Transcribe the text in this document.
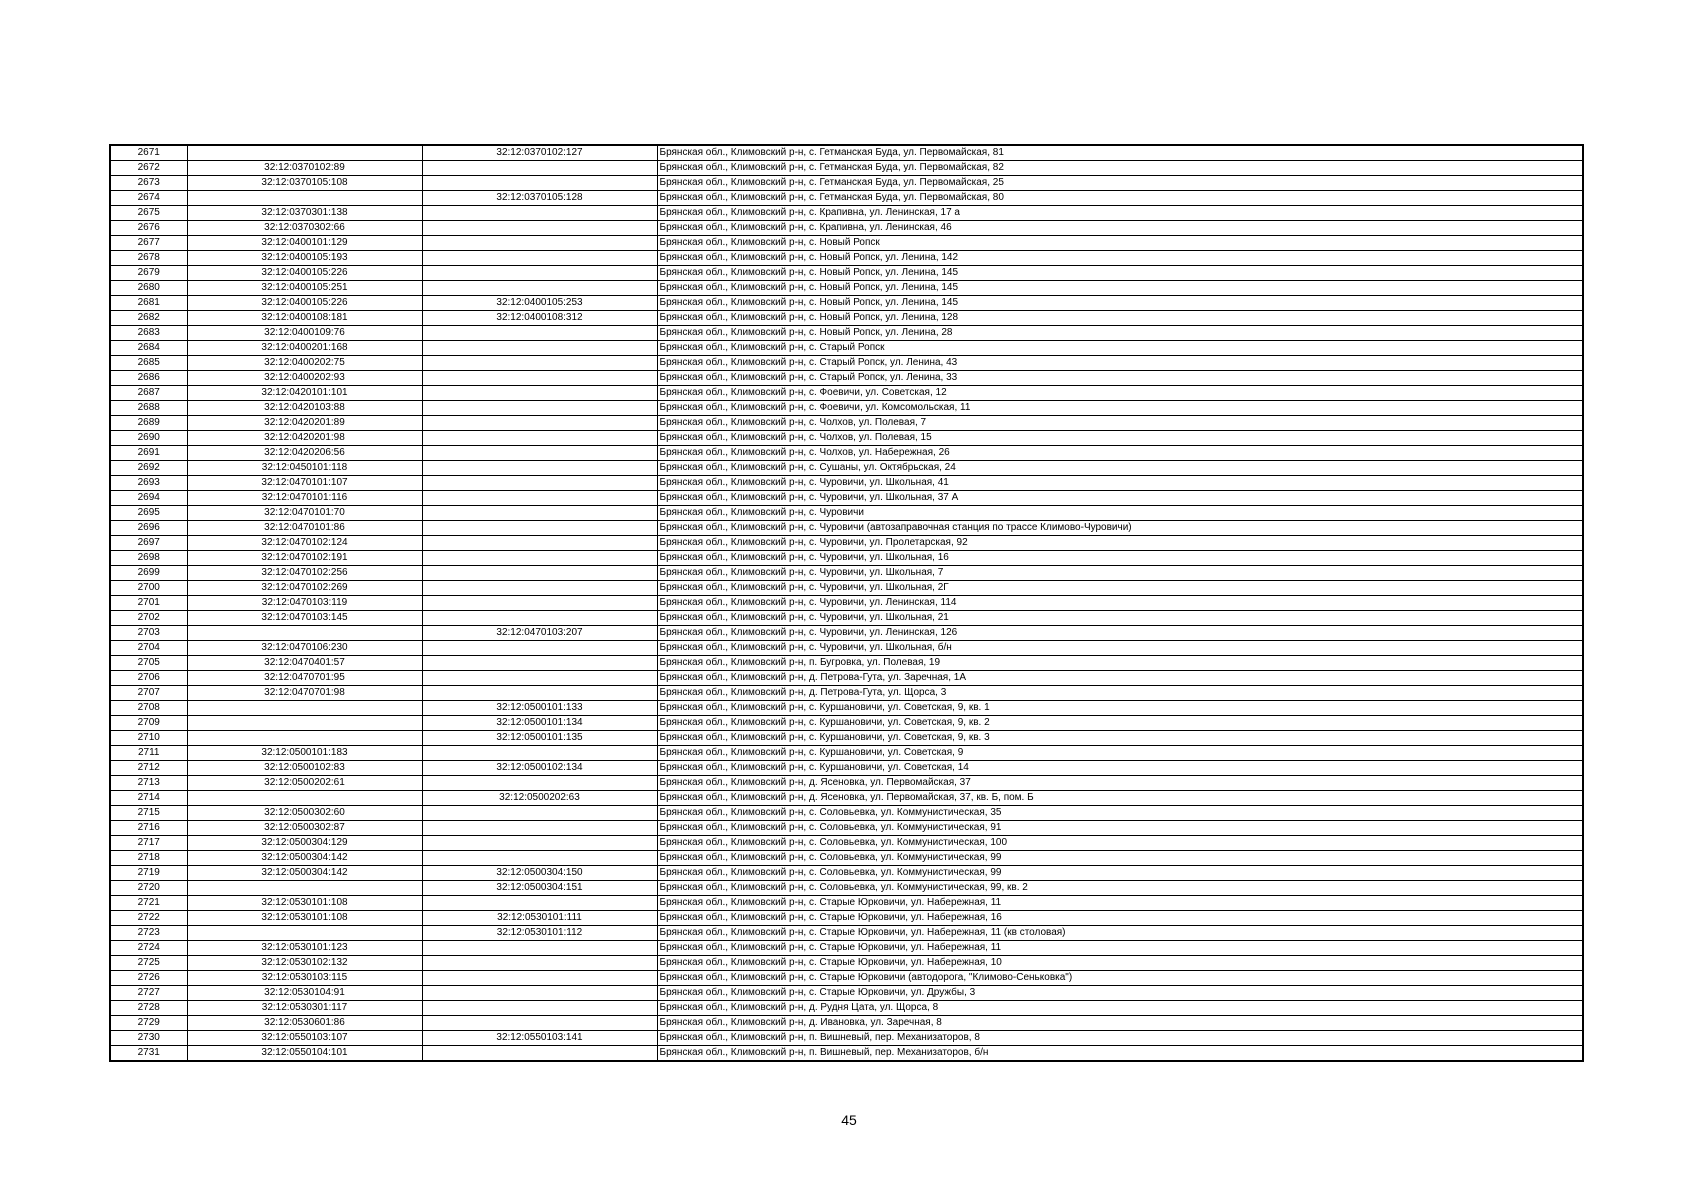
2671		32:12:0370102:127	Брянская обл., Климовский р-н, с. Гетманская Буда, ул. Первомайская, 81
2672	32:12:0370102:89		Брянская обл., Климовский р-н, с. Гетманская Буда, ул. Первомайская, 82
2673	32:12:0370105:108		Брянская обл., Климовский р-н, с. Гетманская Буда, ул. Первомайская, 25
2674		32:12:0370105:128	Брянская обл., Климовский р-н, с. Гетманская Буда, ул. Первомайская, 80
2675	32:12:0370301:138		Брянская обл., Климовский р-н, с. Крапивна, ул. Ленинская, 17 а
2676	32:12:0370302:66		Брянская обл., Климовский р-н, с. Крапивна, ул. Ленинская, 46
2677	32:12:0400101:129		Брянская обл., Климовский р-н, с. Новый Ропск
2678	32:12:0400105:193		Брянская обл., Климовский р-н, с. Новый Ропск, ул. Ленина, 142
2679	32:12:0400105:226		Брянская обл., Климовский р-н, с. Новый Ропск, ул. Ленина, 145
2680	32:12:0400105:251		Брянская обл., Климовский р-н, с. Новый Ропск, ул. Ленина, 145
2681	32:12:0400105:226	32:12:0400105:253	Брянская обл., Климовский р-н, с. Новый Ропск, ул. Ленина, 145
2682	32:12:0400108:181	32:12:0400108:312	Брянская обл., Климовский р-н, с. Новый Ропск, ул. Ленина, 128
2683	32:12:0400109:76		Брянская обл., Климовский р-н, с. Новый Ропск, ул. Ленина, 28
2684	32:12:0400201:168		Брянская обл., Климовский р-н, с. Старый Ропск
2685	32:12:0400202:75		Брянская обл., Климовский р-н, с. Старый Ропск, ул. Ленина, 43
2686	32:12:0400202:93		Брянская обл., Климовский р-н, с. Старый Ропск, ул. Ленина, 33
2687	32:12:0420101:101		Брянская обл., Климовский р-н, с. Фоевичи, ул. Советская, 12
2688	32:12:0420103:88		Брянская обл., Климовский р-н, с. Фоевичи, ул. Комсомольская, 11
2689	32:12:0420201:89		Брянская обл., Климовский р-н, с. Чолхов, ул. Полевая, 7
2690	32:12:0420201:98		Брянская обл., Климовский р-н, с. Чолхов, ул. Полевая, 15
2691	32:12:0420206:56		Брянская обл., Климовский р-н, с. Чолхов, ул. Набережная, 26
2692	32:12:0450101:118		Брянская обл., Климовский р-н, с. Сушаны, ул. Октябрьская, 24
2693	32:12:0470101:107		Брянская обл., Климовский р-н, с. Чуровичи, ул. Школьная, 41
2694	32:12:0470101:116		Брянская обл., Климовский р-н, с. Чуровичи, ул. Школьная, 37 А
2695	32:12:0470101:70		Брянская обл., Климовский р-н, с. Чуровичи
2696	32:12:0470101:86		Брянская обл., Климовский р-н, с. Чуровичи (автозаправочная станция по трассе Климово-Чуровичи)
2697	32:12:0470102:124		Брянская обл., Климовский р-н, с. Чуровичи, ул. Пролетарская, 92
2698	32:12:0470102:191		Брянская обл., Климовский р-н, с. Чуровичи, ул. Школьная, 16
2699	32:12:0470102:256		Брянская обл., Климовский р-н, с. Чуровичи, ул. Школьная, 7
2700	32:12:0470102:269		Брянская обл., Климовский р-н, с. Чуровичи, ул. Школьная, 2Г
2701	32:12:0470103:119		Брянская обл., Климовский р-н, с. Чуровичи, ул. Ленинская, 114
2702	32:12:0470103:145		Брянская обл., Климовский р-н, с. Чуровичи, ул. Школьная, 21
2703		32:12:0470103:207	Брянская обл., Климовский р-н, с. Чуровичи, ул. Ленинская, 126
2704	32:12:0470106:230		Брянская обл., Климовский р-н, с. Чуровичи, ул. Школьная, б/н
2705	32:12:0470401:57		Брянская обл., Климовский р-н, п. Бугровка, ул. Полевая, 19
2706	32:12:0470701:95		Брянская обл., Климовский р-н, д. Петрова-Гута, ул. Заречная, 1А
2707	32:12:0470701:98		Брянская обл., Климовский р-н, д. Петрова-Гута, ул. Щорса, 3
2708		32:12:0500101:133	Брянская обл., Климовский р-н, с. Куршановичи, ул. Советская, 9, кв. 1
2709		32:12:0500101:134	Брянская обл., Климовский р-н, с. Куршановичи, ул. Советская, 9, кв. 2
2710		32:12:0500101:135	Брянская обл., Климовский р-н, с. Куршановичи, ул. Советская, 9, кв. 3
2711	32:12:0500101:183		Брянская обл., Климовский р-н, с. Куршановичи, ул. Советская, 9
2712	32:12:0500102:83	32:12:0500102:134	Брянская обл., Климовский р-н, с. Куршановичи, ул. Советская, 14
2713	32:12:0500202:61		Брянская обл., Климовский р-н, д. Ясеновка, ул. Первомайская, 37
2714		32:12:0500202:63	Брянская обл., Климовский р-н, д. Ясеновка, ул. Первомайская, 37, кв. Б, пом. Б
2715	32:12:0500302:60		Брянская обл., Климовский р-н, с. Соловьевка, ул. Коммунистическая, 35
2716	32:12:0500302:87		Брянская обл., Климовский р-н, с. Соловьевка, ул. Коммунистическая, 91
2717	32:12:0500304:129		Брянская обл., Климовский р-н, с. Соловьевка, ул. Коммунистическая, 100
2718	32:12:0500304:142		Брянская обл., Климовский р-н, с. Соловьевка, ул. Коммунистическая, 99
2719	32:12:0500304:142	32:12:0500304:150	Брянская обл., Климовский р-н, с. Соловьевка, ул. Коммунистическая, 99
2720		32:12:0500304:151	Брянская обл., Климовский р-н, с. Соловьевка, ул. Коммунистическая, 99, кв. 2
2721	32:12:0530101:108		Брянская обл., Климовский р-н, с. Старые Юрковичи, ул. Набережная, 11
2722	32:12:0530101:108	32:12:0530101:111	Брянская обл., Климовский р-н, с. Старые Юрковичи, ул. Набережная, 16
2723		32:12:0530101:112	Брянская обл., Климовский р-н, с. Старые Юрковичи, ул. Набережная, 11 (кв столовая)
2724	32:12:0530101:123		Брянская обл., Климовский р-н, с. Старые Юрковичи, ул. Набережная, 11
2725	32:12:0530102:132		Брянская обл., Климовский р-н, с. Старые Юрковичи, ул. Набережная, 10
2726	32:12:0530103:115		Брянская обл., Климовский р-н, с. Старые Юрковичи (автодорога, "Климово-Сеньковка")
2727	32:12:0530104:91		Брянская обл., Климовский р-н, с. Старые Юрковичи, ул. Дружбы, 3
2728	32:12:0530301:117		Брянская обл., Климовский р-н, д. Рудня Цата, ул. Щорса, 8
2729	32:12:0530601:86		Брянская обл., Климовский р-н, д. Ивановка, ул. Заречная, 8
2730	32:12:0550103:107	32:12:0550103:141	Брянская обл., Климовский р-н, п. Вишневый, пер. Механизаторов, 8
2731	32:12:0550104:101		Брянская обл., Климовский р-н, п. Вишневый, пер. Механизаторов, б/н
45
